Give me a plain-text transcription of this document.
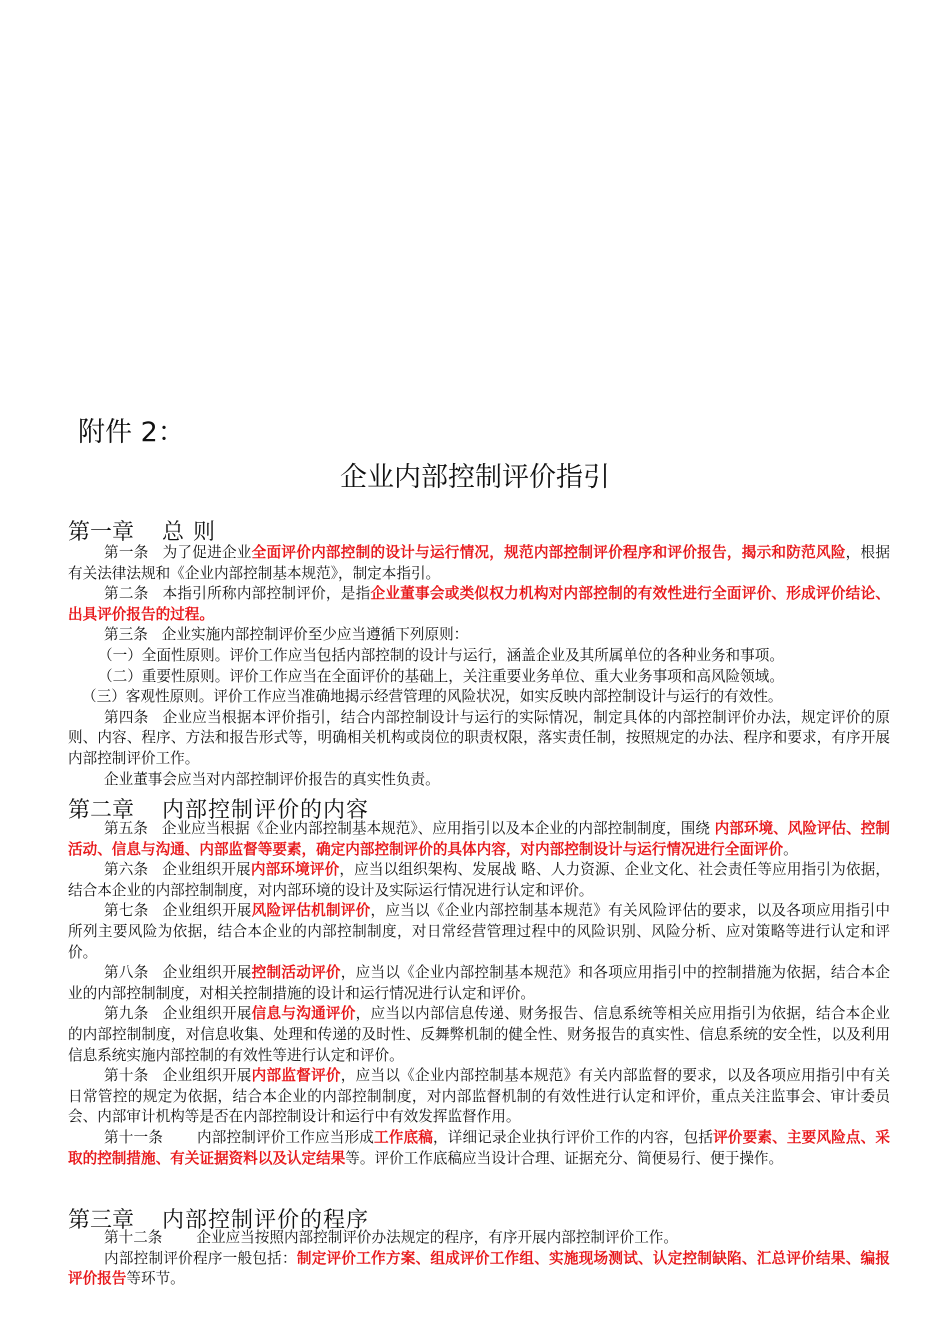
附件 2：
企业内部控制评价指引
第一章 总 则

第一条 为了促进企业全面评价内部控制的设计与运行情况，规范内部控制评价程序和评价报告，揭示和防范风险，根据有关法律法规和《企业内部控制基本规范》，制定本指引。

第二条 本指引所称内部控制评价，是指企业董事会或类似权力机构对内部控制的有效性进行全面评价、形成评价结论、出具评价报告的过程。

第三条 企业实施内部控制评价至少应当遵循下列原则：

（一）全面性原则。评价工作应当包括内部控制的设计与运行，涵盖企业及其所属单位的各种业务和事项。

（二）重要性原则。评价工作应当在全面评价的基础上，关注重要业务单位、重大业务事项和高风险领域。

（三）客观性原则。评价工作应当准确地揭示经营管理的风险状况，如实反映内部控制设计与运行的有效性。

第四条 企业应当根据本评价指引，结合内部控制设计与运行的实际情况，制定具体的内部控制评价办法，规定评价的原则、内容、程序、方法和报告形式等，明确相关机构或岗位的职责权限，落实责任制，按照规定的办法、程序和要求，有序开展内部控制评价工作。

企业董事会应当对内部控制评价报告的真实性负责。

第二章 内部控制评价的内容

第五条 企业应当根据《企业内部控制基本规范》、应用指引以及本企业的内部控制制度，围绕 内部环境、风险评估、控制活动、信息与沟通、内部监督等要素，确定内部控制评价的具体内容，对内部控制设计与运行情况进行全面评价。

第六条 企业组织开展内部环境评价，应当以组织架构、发展战 略、人力资源、企业文化、社会责任等应用指引为依据，结合本企业的内部控制制度，对内部环境的设计及实际运行情况进行认定和评价。

第七条 企业组织开展风险评估机制评价，应当以《企业内部控制基本规范》有关风险评估的要求，以及各项应用指引中所列主要风险为依据，结合本企业的内部控制制度，对日常经营管理过程中的风险识别、风险分析、应对策略等进行认定和评价。

第八条 企业组织开展控制活动评价，应当以《企业内部控制基本规范》和各项应用指引中的控制措施为依据，结合本企业的内部控制制度，对相关控制措施的设计和运行情况进行认定和评价。

第九条 企业组织开展信息与沟通评价，应当以内部信息传递、财务报告、信息系统等相关应用指引为依据，结合本企业的内部控制制度，对信息收集、处理和传递的及时性、反舞弊机制的健全性、财务报告的真实性、信息系统的安全性，以及利用信息系统实施内部控制的有效性等进行认定和评价。

第十条 企业组织开展内部监督评价，应当以《企业内部控制基本规范》有关内部监督的要求，以及各项应用指引中有关日常管控的规定为依据，结合本企业的内部控制制度，对内部监督机制的有效性进行认定和评价，重点关注监事会、审计委员会、内部审计机构等是否在内部控制设计和运行中有效发挥监督作用。

第十一条 内部控制评价工作应当形成工作底稿，详细记录企业执行评价工作的内容，包括评价要素、主要风险点、采取的控制措施、有关证据资料以及认定结果等。评价工作底稿应当设计合理、证据充分、简便易行、便于操作。

第三章 内部控制评价的程序

第十二条 企业应当按照内部控制评价办法规定的程序，有序开展内部控制评价工作。

内部控制评价程序一般包括：制定评价工作方案、组成评价工作组、实施现场测试、认定控制缺陷、汇总评价结果、编报评价报告等环节。
